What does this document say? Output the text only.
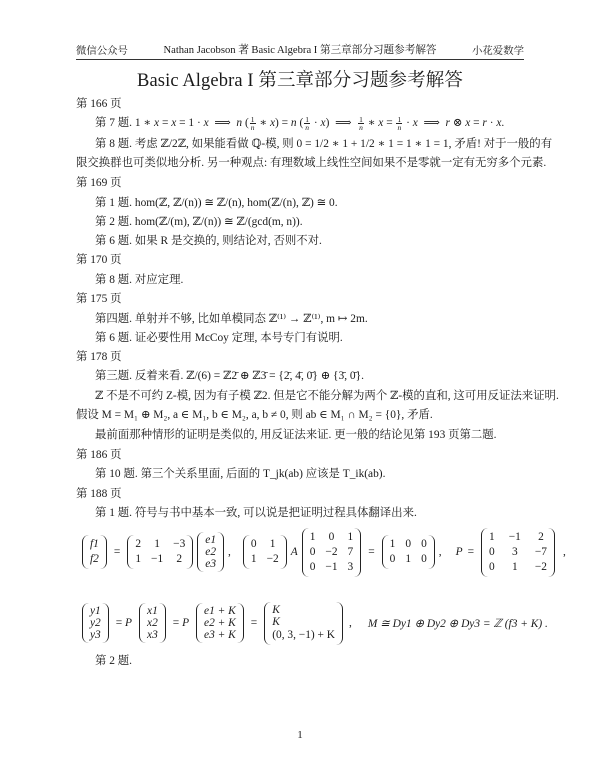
微信公众号	Nathan Jacobson 著 Basic Algebra I 第三章部分习题参考解答	小花爱数学
Basic Algebra I 第三章部分习题参考解答
第 166 页
第 7 题. 1 ∗ x = x = 1 · x  ⟹  n ( $\frac{1}{n}$ ∗ x) = n ( $\frac{1}{n} \cdot x$)  ⟹ $\frac{1}{n}$ ∗ $x = \frac{1}{n} \cdot x$  ⟹  r ⊗ x = r · x.
第 8 题. 考虑 ℤ/2ℤ, 如果能看做 ℚ-模, 则 0 = 1/2 ∗ 1 + 1/2 ∗ 1 = 1 ∗ 1 = 1, 矛盾! 对于一般的有
限交换群也可类似地分析. 另一种观点: 有理数域上线性空间如果不是零就一定有无穷多个元素.
第 169 页
第 1 题. hom(ℤ, ℤ/(n)) ≅ ℤ/(n), hom(ℤ/(n), ℤ) ≅ 0.
第 2 题. hom(ℤ/(m), ℤ/(n)) ≅ ℤ/(gcd(m, n)).
第 6 题. 如果 R 是交换的, 则结论对, 否则不对.
第 170 页
第 8 题. 对应定理.
第 175 页
第四题. 单射并不够, 比如单模同态 ℤ⁽¹⁾ → ℤ⁽¹⁾, m ↦ 2m.
第 6 题. 证必要性用 McCoy 定理, 本号专门有说明.
第 178 页
第三题. 反着来看. ℤ/(6) = ℤ2̄ ⊕ ℤ3̄ = {2̄, 4̄, 0̄} ⊕ {3̄, 0̄}.
ℤ 不是不可约 Z-模, 因为有子模 ℤ2. 但是它不能分解为两个 ℤ-模的直和, 这可用反证法来证明.
假设 M = M₁ ⊕ M₂, a ∈ M₁, b ∈ M₂, a, b ≠ 0, 则 ab ∈ M₁ ∩ M₂ = {0}, 矛盾.
最前面那种情形的证明是类似的, 用反证法来证. 更一般的结论见第 193 页第二题.
第 186 页
第 10 题. 第三个关系里面, 后面的 T_jk(ab) 应该是 T_ik(ab).
第 188 页
第 1 题. 符号与书中基本一致, 可以说是把证明过程具体翻译出来.
f1
f2
=
2 1 −3
1 −1 2
e1
e2
e3
,
0 1
1 −2
A
1 0 1
0 −2 7
0 −1 3
=
1 0 0
0 1 0
, P =
1 −1 2
0 3 −7
0 1 −2
,
y1
y2
y3
= P
x1
x2
x3
= P
e1 + K
e2 + K
e3 + K
=
K
K
(0, 3, −1) + K
, M ≅ Dy1 ⊕ Dy2 ⊕ Dy3 = ℤ (f3 + K) .
第 2 题.
1
